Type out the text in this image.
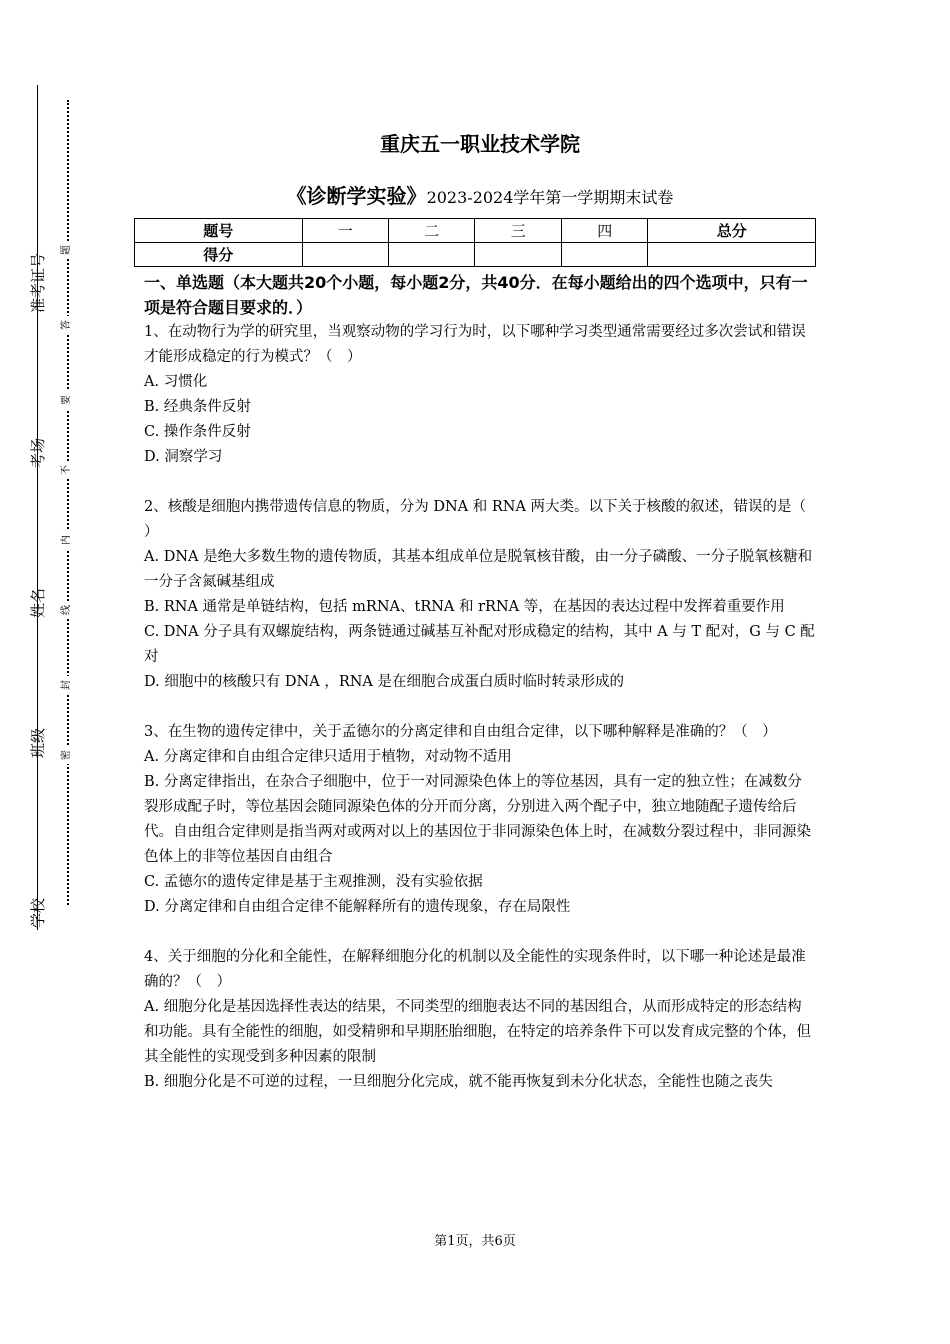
准考证号
考场
姓名
班级
学校
题
答
要
不
内
线
封
密
重庆五一职业技术学院
《诊断学实验》2023-2024学年第一学期期末试卷
题号	一	二	三	四	总分
得分					
一、单选题（本大题共20个小题，每小题2分，共40分．在每小题给出的四个选项中，只有一项是符合题目要求的．）

1、在动物行为学的研究里，当观察动物的学习行为时，以下哪种学习类型通常需要经过多次尝试和错误才能形成稳定的行为模式？（　）

A. 习惯化

B. 经典条件反射

C. 操作条件反射

D. 洞察学习

2、核酸是细胞内携带遗传信息的物质，分为 DNA 和 RNA 两大类。以下关于核酸的叙述，错误的是（ ）

A. DNA 是绝大多数生物的遗传物质，其基本组成单位是脱氧核苷酸，由一分子磷酸、一分子脱氧核糖和一分子含氮碱基组成

B. RNA 通常是单链结构，包括 mRNA、tRNA 和 rRNA 等，在基因的表达过程中发挥着重要作用

C. DNA 分子具有双螺旋结构，两条链通过碱基互补配对形成稳定的结构，其中 A 与 T 配对，G 与 C 配对

D. 细胞中的核酸只有 DNA ，RNA 是在细胞合成蛋白质时临时转录形成的

3、在生物的遗传定律中，关于孟德尔的分离定律和自由组合定律，以下哪种解释是准确的？（　）

A. 分离定律和自由组合定律只适用于植物，对动物不适用

B. 分离定律指出，在杂合子细胞中，位于一对同源染色体上的等位基因，具有一定的独立性；在减数分裂形成配子时，等位基因会随同源染色体的分开而分离，分别进入两个配子中，独立地随配子遗传给后代。自由组合定律则是指当两对或两对以上的基因位于非同源染色体上时，在减数分裂过程中，非同源染色体上的非等位基因自由组合

C. 孟德尔的遗传定律是基于主观推测，没有实验依据

D. 分离定律和自由组合定律不能解释所有的遗传现象，存在局限性

4、关于细胞的分化和全能性，在解释细胞分化的机制以及全能性的实现条件时，以下哪一种论述是最准确的？（　）

A. 细胞分化是基因选择性表达的结果，不同类型的细胞表达不同的基因组合，从而形成特定的形态结构和功能。具有全能性的细胞，如受精卵和早期胚胎细胞，在特定的培养条件下可以发育成完整的个体，但其全能性的实现受到多种因素的限制

B. 细胞分化是不可逆的过程，一旦细胞分化完成，就不能再恢复到未分化状态，全能性也随之丧失

第1页，共6页
